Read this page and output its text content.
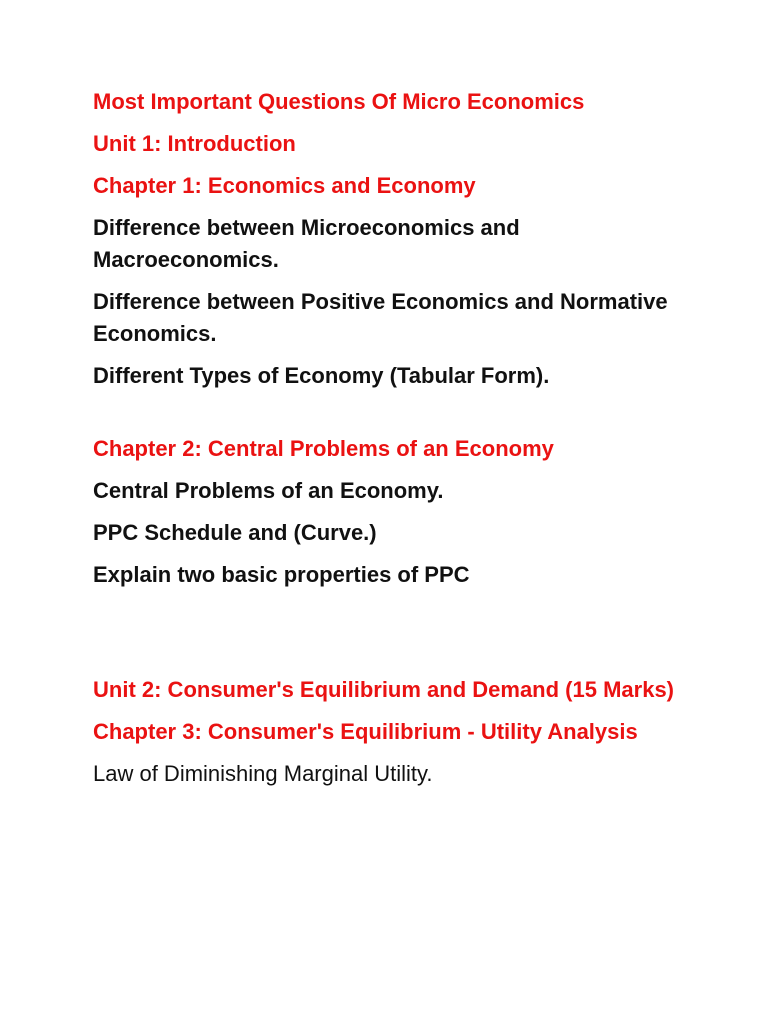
Most Important Questions Of Micro Economics
Unit 1: Introduction
Chapter 1: Economics and Economy
Difference between Microeconomics and Macroeconomics.
Difference between Positive Economics and Normative Economics.
Different Types of Economy (Tabular Form).
Chapter 2: Central Problems of an Economy
Central Problems of an Economy.
PPC Schedule and (Curve.)
Explain two basic properties of PPC
Unit 2: Consumer's Equilibrium and Demand (15 Marks)
Chapter 3: Consumer's Equilibrium - Utility Analysis
Law of Diminishing Marginal Utility.
